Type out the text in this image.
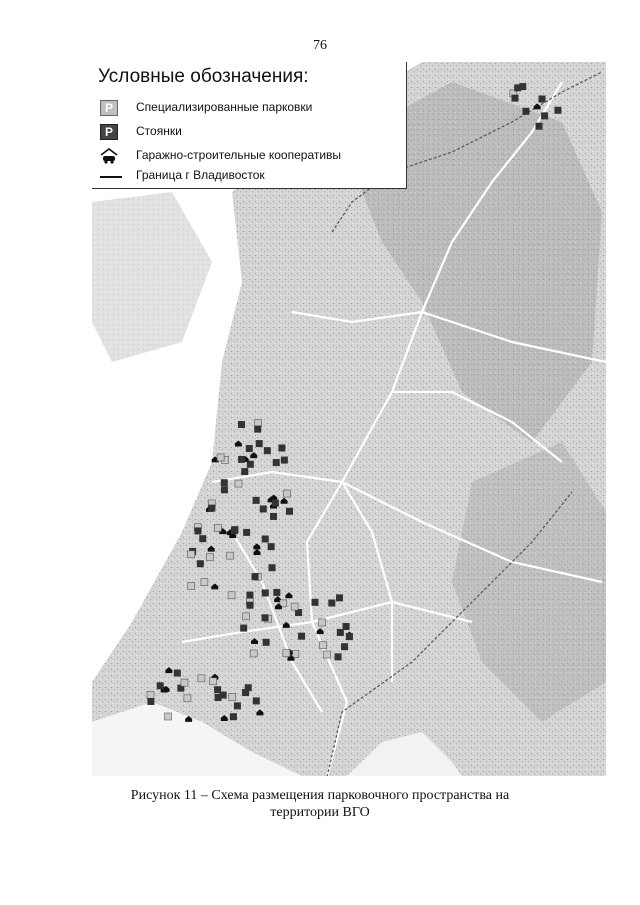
76
Условные обозначения:
P	Специализированные парковки
P	Стоянки
Гаражно-строительные кооперативы
Граница г Владивосток
Рисунок 11 – Схема размещения парковочного пространства на
территории ВГО
